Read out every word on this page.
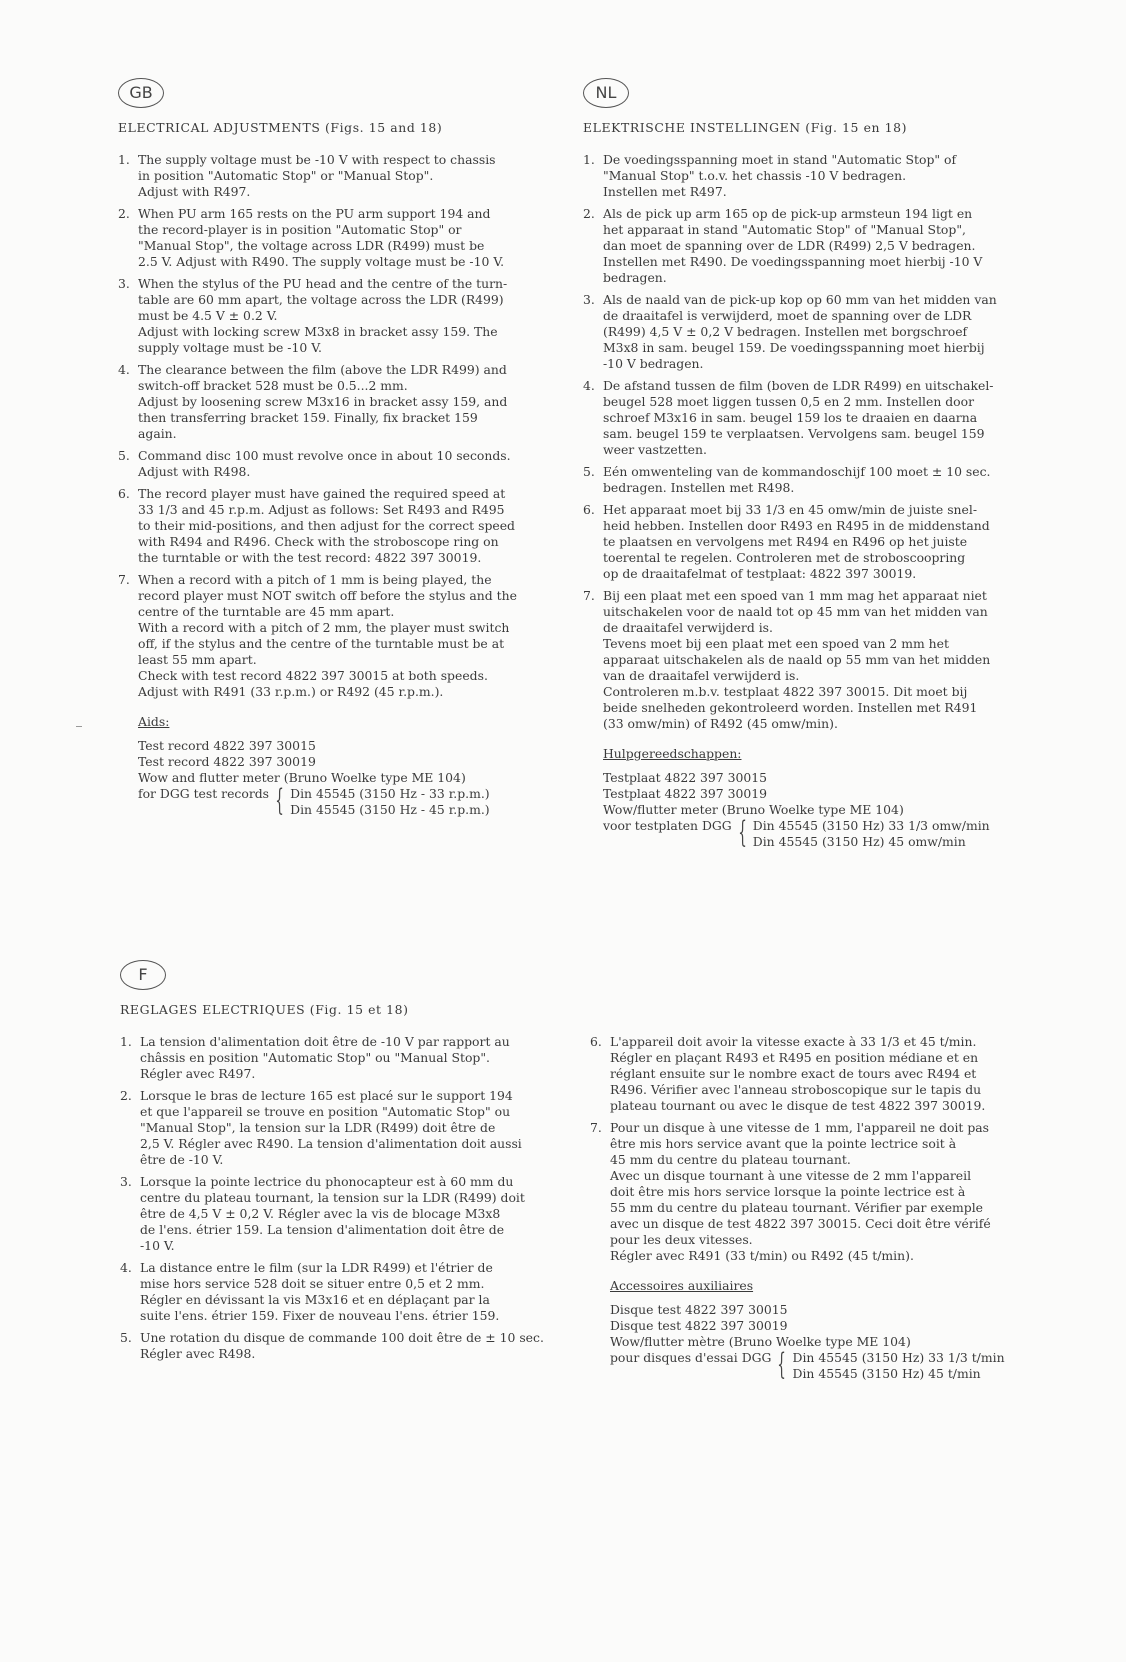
GB
ELECTRICAL ADJUSTMENTS (Figs. 15 and 18)
1. The supply voltage must be -10 V with respect to chassis
in position "Automatic Stop" or "Manual Stop".
Adjust with R497.
2. When PU arm 165 rests on the PU arm support 194 and
the record-player is in position "Automatic Stop" or
"Manual Stop", the voltage across LDR (R499) must be
2.5 V. Adjust with R490. The supply voltage must be -10 V.
3. When the stylus of the PU head and the centre of the turn-
table are 60 mm apart, the voltage across the LDR (R499)
must be 4.5 V ± 0.2 V.
Adjust with locking screw M3x8 in bracket assy 159. The
supply voltage must be -10 V.
4. The clearance between the film (above the LDR R499) and
switch-off bracket 528 must be 0.5...2 mm.
Adjust by loosening screw M3x16 in bracket assy 159, and
then transferring bracket 159. Finally, fix bracket 159
again.
5. Command disc 100 must revolve once in about 10 seconds.
Adjust with R498.
6. The record player must have gained the required speed at
33 1/3 and 45 r.p.m. Adjust as follows: Set R493 and R495
to their mid-positions, and then adjust for the correct speed
with R494 and R496. Check with the stroboscope ring on
the turntable or with the test record: 4822 397 30019.
7. When a record with a pitch of 1 mm is being played, the
record player must NOT switch off before the stylus and the
centre of the turntable are 45 mm apart.
With a record with a pitch of 2 mm, the player must switch
off, if the stylus and the centre of the turntable must be at
least 55 mm apart.
Check with test record 4822 397 30015 at both speeds.
Adjust with R491 (33 r.p.m.) or R492 (45 r.p.m.).
Aids:
Test record 4822 397 30015
Test record 4822 397 30019
Wow and flutter meter (Bruno Woelke type ME 104)
for DGG test records { Din 45545 (3150 Hz - 33 r.p.m.)
Din 45545 (3150 Hz - 45 r.p.m.)
NL
ELEKTRISCHE INSTELLINGEN (Fig. 15 en 18)
1. De voedingsspanning moet in stand "Automatic Stop" of
"Manual Stop" t.o.v. het chassis -10 V bedragen.
Instellen met R497.
2. Als de pick up arm 165 op de pick-up armsteun 194 ligt en
het apparaat in stand "Automatic Stop" of "Manual Stop",
dan moet de spanning over de LDR (R499) 2,5 V bedragen.
Instellen met R490. De voedingsspanning moet hierbij -10 V
bedragen.
3. Als de naald van de pick-up kop op 60 mm van het midden van
de draaitafel is verwijderd, moet de spanning over de LDR
(R499) 4,5 V ± 0,2 V bedragen. Instellen met borgschroef
M3x8 in sam. beugel 159. De voedingsspanning moet hierbij
-10 V bedragen.
4. De afstand tussen de film (boven de LDR R499) en uitschakel-
beugel 528 moet liggen tussen 0,5 en 2 mm. Instellen door
schroef M3x16 in sam. beugel 159 los te draaien en daarna
sam. beugel 159 te verplaatsen. Vervolgens sam. beugel 159
weer vastzetten.
5. Eén omwenteling van de kommandoschijf 100 moet ± 10 sec.
bedragen. Instellen met R498.
6. Het apparaat moet bij 33 1/3 en 45 omw/min de juiste snel-
heid hebben. Instellen door R493 en R495 in de middenstand
te plaatsen en vervolgens met R494 en R496 op het juiste
toerental te regelen. Controleren met de stroboscoopring
op de draaitafelmat of testplaat: 4822 397 30019.
7. Bij een plaat met een spoed van 1 mm mag het apparaat niet
uitschakelen voor de naald tot op 45 mm van het midden van
de draaitafel verwijderd is.
Tevens moet bij een plaat met een spoed van 2 mm het
apparaat uitschakelen als de naald op 55 mm van het midden
van de draaitafel verwijderd is.
Controleren m.b.v. testplaat 4822 397 30015. Dit moet bij
beide snelheden gekontroleerd worden. Instellen met R491
(33 omw/min) of R492 (45 omw/min).
Hulpgereedschappen:
Testplaat 4822 397 30015
Testplaat 4822 397 30019
Wow/flutter meter (Bruno Woelke type ME 104)
voor testplaten DGG { Din 45545 (3150 Hz) 33 1/3 omw/min
Din 45545 (3150 Hz) 45 omw/min
F
REGLAGES ELECTRIQUES (Fig. 15 et 18)
1. La tension d'alimentation doit être de -10 V par rapport au
châssis en position "Automatic Stop" ou "Manual Stop".
Régler avec R497.
2. Lorsque le bras de lecture 165 est placé sur le support 194
et que l'appareil se trouve en position "Automatic Stop" ou
"Manual Stop", la tension sur la LDR (R499) doit être de
2,5 V. Régler avec R490. La tension d'alimentation doit aussi
être de -10 V.
3. Lorsque la pointe lectrice du phonocapteur est à 60 mm du
centre du plateau tournant, la tension sur la LDR (R499) doit
être de 4,5 V ± 0,2 V. Régler avec la vis de blocage M3x8
de l'ens. étrier 159. La tension d'alimentation doit être de
-10 V.
4. La distance entre le film (sur la LDR R499) et l'étrier de
mise hors service 528 doit se situer entre 0,5 et 2 mm.
Régler en dévissant la vis M3x16 et en déplaçant par la
suite l'ens. étrier 159. Fixer de nouveau l'ens. étrier 159.
5. Une rotation du disque de commande 100 doit être de ± 10 sec.
Régler avec R498.
6. L'appareil doit avoir la vitesse exacte à 33 1/3 et 45 t/min.
Régler en plaçant R493 et R495 en position médiane et en
réglant ensuite sur le nombre exact de tours avec R494 et
R496. Vérifier avec l'anneau stroboscopique sur le tapis du
plateau tournant ou avec le disque de test 4822 397 30019.
7. Pour un disque à une vitesse de 1 mm, l'appareil ne doit pas
être mis hors service avant que la pointe lectrice soit à
45 mm du centre du plateau tournant.
Avec un disque tournant à une vitesse de 2 mm l'appareil
doit être mis hors service lorsque la pointe lectrice est à
55 mm du centre du plateau tournant. Vérifier par exemple
avec un disque de test 4822 397 30015. Ceci doit être vérifé
pour les deux vitesses.
Régler avec R491 (33 t/min) ou R492 (45 t/min).
Accessoires auxiliaires
Disque test 4822 397 30015
Disque test 4822 397 30019
Wow/flutter mètre (Bruno Woelke type ME 104)
pour disques d'essai DGG { Din 45545 (3150 Hz) 33 1/3 t/min
Din 45545 (3150 Hz) 45 t/min
